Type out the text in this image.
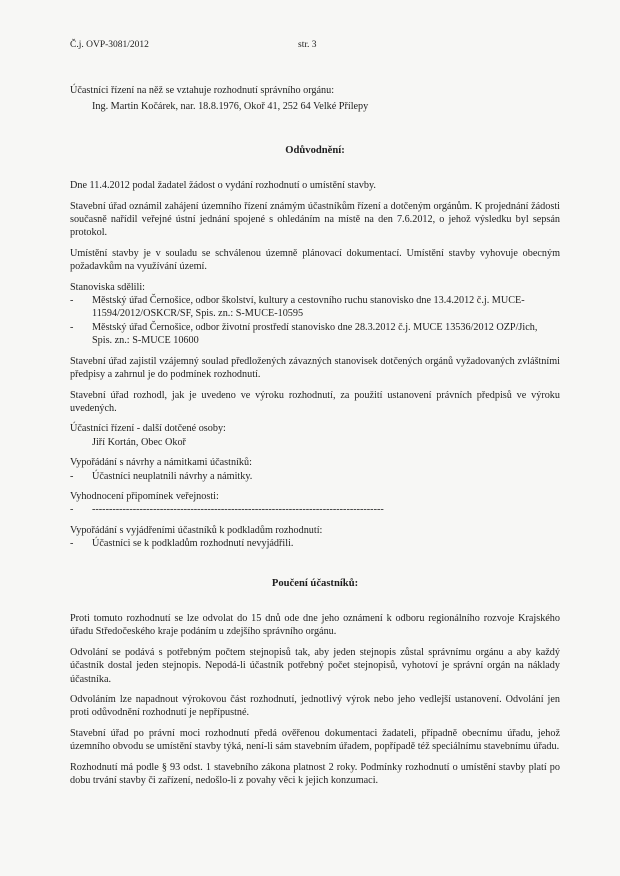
Č.j. OVP-3081/2012	str. 3

Účastníci řízení na něž se vztahuje rozhodnutí správního orgánu:

Ing. Martin Kočárek, nar. 18.8.1976, Okoř 41, 252 64 Velké Přílepy

Odůvodnění:

Dne 11.4.2012 podal žadatel žádost o vydání rozhodnutí o umístění stavby.

Stavební úřad oznámil zahájení územního řízení známým účastníkům řízení a dotčeným orgánům. K projednání žádosti současně nařídil veřejné ústní jednání spojené s ohledáním na místě na den 7.6.2012, o jehož výsledku byl sepsán protokol.

Umístění stavby je v souladu se schválenou územně plánovací dokumentací. Umístění stavby vyhovuje obecným požadavkům na využívání území.

Stanoviska sdělili:

-	Městský úřad Černošice, odbor školství, kultury a cestovního ruchu stanovisko dne 13.4.2012 č.j. MUCE-11594/2012/OSKCR/SF, Spis. zn.: S-MUCE-10595
-	Městský úřad Černošice, odbor životní prostředí stanovisko dne 28.3.2012 č.j. MUCE 13536/2012 OZP/Jich, Spis. zn.: S-MUCE 10600

Stavební úřad zajistil vzájemný soulad předložených závazných stanovisek dotčených orgánů vyžadovaných zvláštními předpisy a zahrnul je do podmínek rozhodnutí.

Stavební úřad rozhodl, jak je uvedeno ve výroku rozhodnutí, za použití ustanovení právních předpisů ve výroku uvedených.

Účastníci řízení - další dotčené osoby:

Jiří Kortán, Obec Okoř

Vypořádání s návrhy a námitkami účastníků:

-	Účastníci neuplatnili návrhy a námitky.

Vyhodnocení připomínek veřejnosti:

-	--------------------------------------------------------------------------------------

Vypořádání s vyjádřeními účastníků k podkladům rozhodnutí:

-	Účastníci se k podkladům rozhodnutí nevyjádřili.

Poučení účastníků:

Proti tomuto rozhodnutí se lze odvolat do 15 dnů ode dne jeho oznámení k odboru regionálního rozvoje Krajského úřadu Středočeského kraje podáním u zdejšího správního orgánu.

Odvolání se podává s potřebným počtem stejnopisů tak, aby jeden stejnopis zůstal správnímu orgánu a aby každý účastník dostal jeden stejnopis. Nepodá-li účastník potřebný počet stejnopisů, vyhotoví je správní orgán na náklady účastníka.

Odvoláním lze napadnout výrokovou část rozhodnutí, jednotlivý výrok nebo jeho vedlejší ustanovení. Odvolání jen proti odůvodnění rozhodnutí je nepřípustné.

Stavební úřad po právní moci rozhodnutí předá ověřenou dokumentaci žadateli, případně obecnímu úřadu, jehož územního obvodu se umístění stavby týká, není-li sám stavebním úřadem, popřípadě též speciálnímu stavebnímu úřadu.

Rozhodnutí má podle § 93 odst. 1 stavebního zákona platnost 2 roky. Podmínky rozhodnutí o umístění stavby platí po dobu trvání stavby či zařízení, nedošlo-li z povahy věci k jejich konzumaci.
